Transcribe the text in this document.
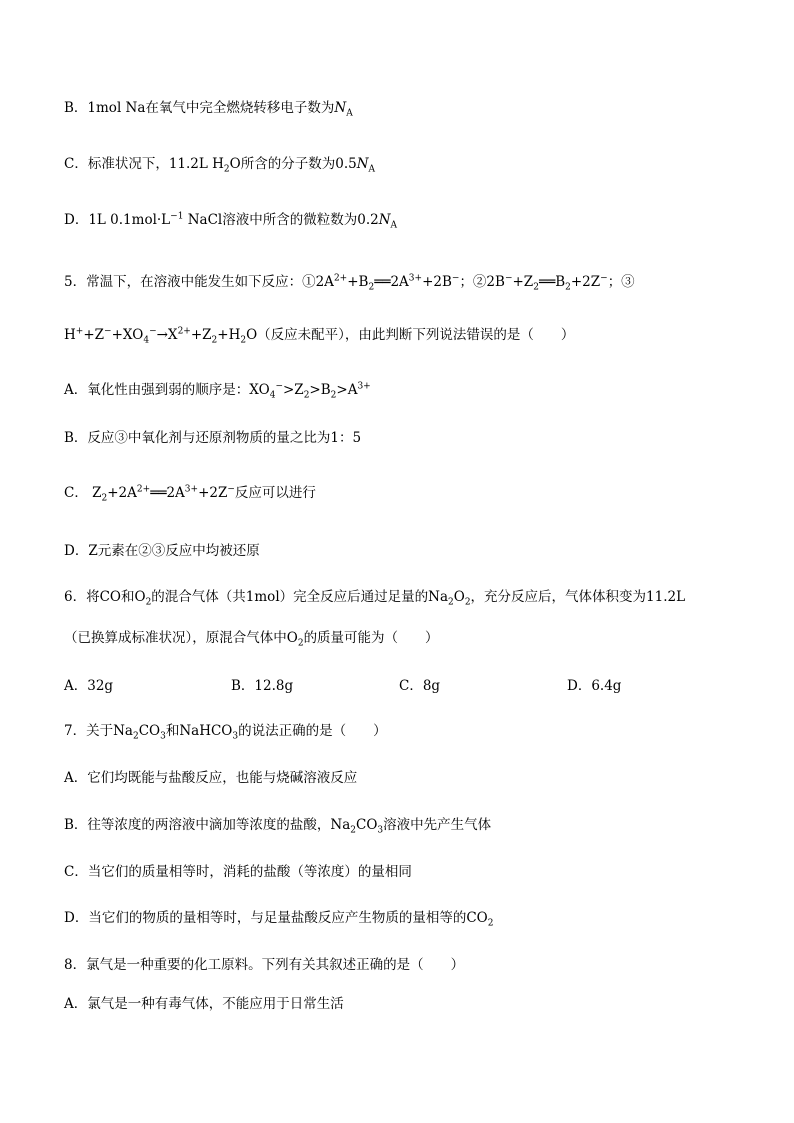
B．1mol Na在氧气中完全燃烧转移电子数为$N_A$
C．标准状况下，11.2L $H_2O$所含的分子数为$0.5N_A$
D．1L $0.1mol\cdot L^{-1}$ NaCl溶液中所含的微粒数为$0.2N_A$
5．常温下，在溶液中能发生如下反应：$①2A^{2+}+B_2══2A^{3+}+2B^-$；$②2B^-+Z_2══B_2+2Z^-$；③
$H^++Z^-+XO_4^-\to X^{2+}+Z_2+H_2O$（反应未配平），由此判断下列说法错误的是（　　）
A．氧化性由强到弱的顺序是：$XO_4^->Z_2>B_2>A^{3+}$
B．反应③中氧化剂与还原剂物质的量之比为1：5
C． $Z_2+2A^{2+}══2A^{3+}+2Z^-$反应可以进行
D．Z元素在②③反应中均被还原
6．将CO和$O_2$的混合气体（共1mol）完全反应后通过足量的$Na_2O_2$，充分反应后，气体体积变为11.2L
（已换算成标准状况），原混合气体中$O_2$的质量可能为（　　）
A．32g	B．12.8g	C．8g	D．6.4g
7．关于$Na_2CO_3$和NaHCO$_3$的说法正确的是（　　）
A．它们均既能与盐酸反应，也能与烧碱溶液反应
B．往等浓度的两溶液中滴加等浓度的盐酸，$Na_2CO_3$溶液中先产生气体
C．当它们的质量相等时，消耗的盐酸（等浓度）的量相同
D．当它们的物质的量相等时，与足量盐酸反应产生物质的量相等的$CO_2$
8．氯气是一种重要的化工原料。下列有关其叙述正确的是（　　）
A．氯气是一种有毒气体，不能应用于日常生活
